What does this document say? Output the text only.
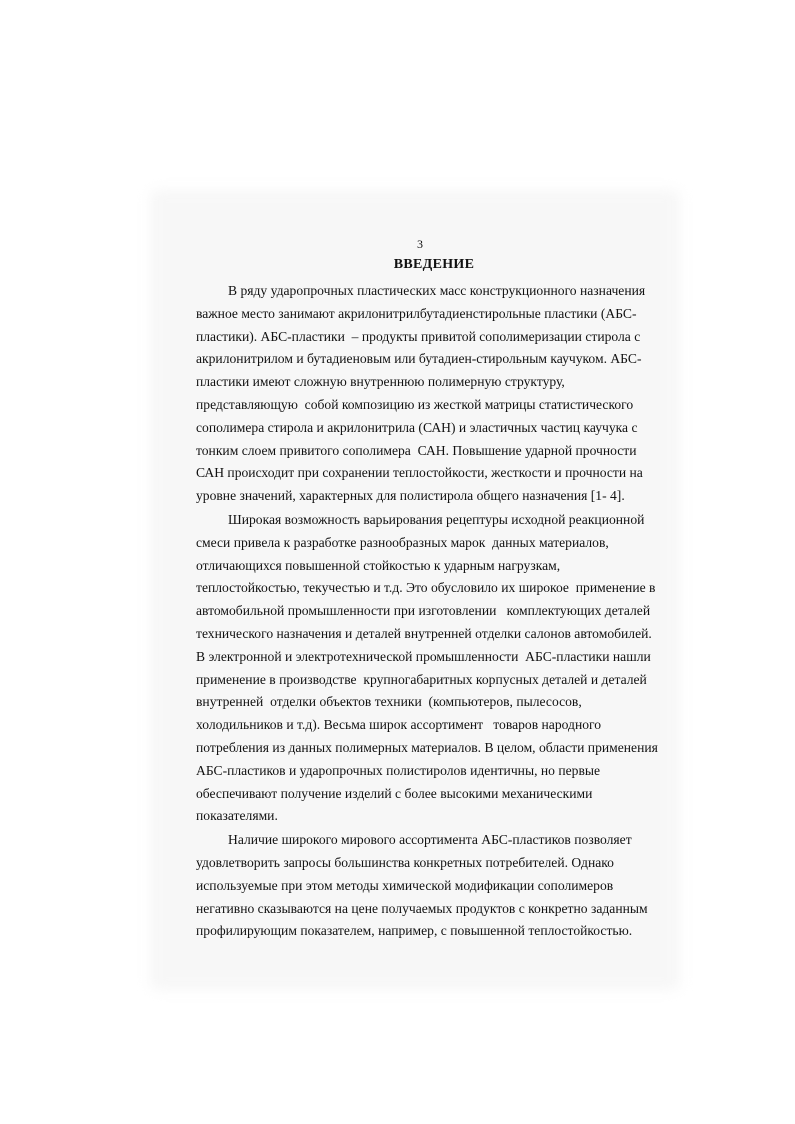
3
ВВЕДЕНИЕ
В ряду ударопрочных пластических масс конструкционного назначения
важное место занимают акрилонитрилбутадиенстирольные пластики (АБС-
пластики). АБС-пластики  – продукты привитой сополимеризации стирола с
акрилонитрилом и бутадиеновым или бутадиен-стирольным каучуком. АБС-
пластики имеют сложную внутреннюю полимерную структуру,
представляющую  собой композицию из жесткой матрицы статистического
сополимера стирола и акрилонитрила (САН) и эластичных частиц каучука с
тонким слоем привитого сополимера  САН. Повышение ударной прочности
САН происходит при сохранении теплостойкости, жесткости и прочности на
уровне значений, характерных для полистирола общего назначения [1- 4].
Широкая возможность варьирования рецептуры исходной реакционной
смеси привела к разработке разнообразных марок  данных материалов,
отличающихся повышенной стойкостью к ударным нагрузкам,
теплостойкостью, текучестью и т.д. Это обусловило их широкое  применение в
автомобильной промышленности при изготовлении   комплектующих деталей
технического назначения и деталей внутренней отделки салонов автомобилей.
В электронной и электротехнической промышленности  АБС-пластики нашли
применение в производстве  крупногабаритных корпусных деталей и деталей
внутренней  отделки объектов техники  (компьютеров, пылесосов,
холодильников и т.д). Весьма широк ассортимент   товаров народного
потребления из данных полимерных материалов. В целом, области применения
АБС-пластиков и ударопрочных полистиролов идентичны, но первые
обеспечивают получение изделий с более высокими механическими
показателями.
Наличие широкого мирового ассортимента АБС-пластиков позволяет
удовлетворить запросы большинства конкретных потребителей. Однако
используемые при этом методы химической модификации сополимеров
негативно сказываются на цене получаемых продуктов с конкретно заданным
профилирующим показателем, например, с повышенной теплостойкостью.
